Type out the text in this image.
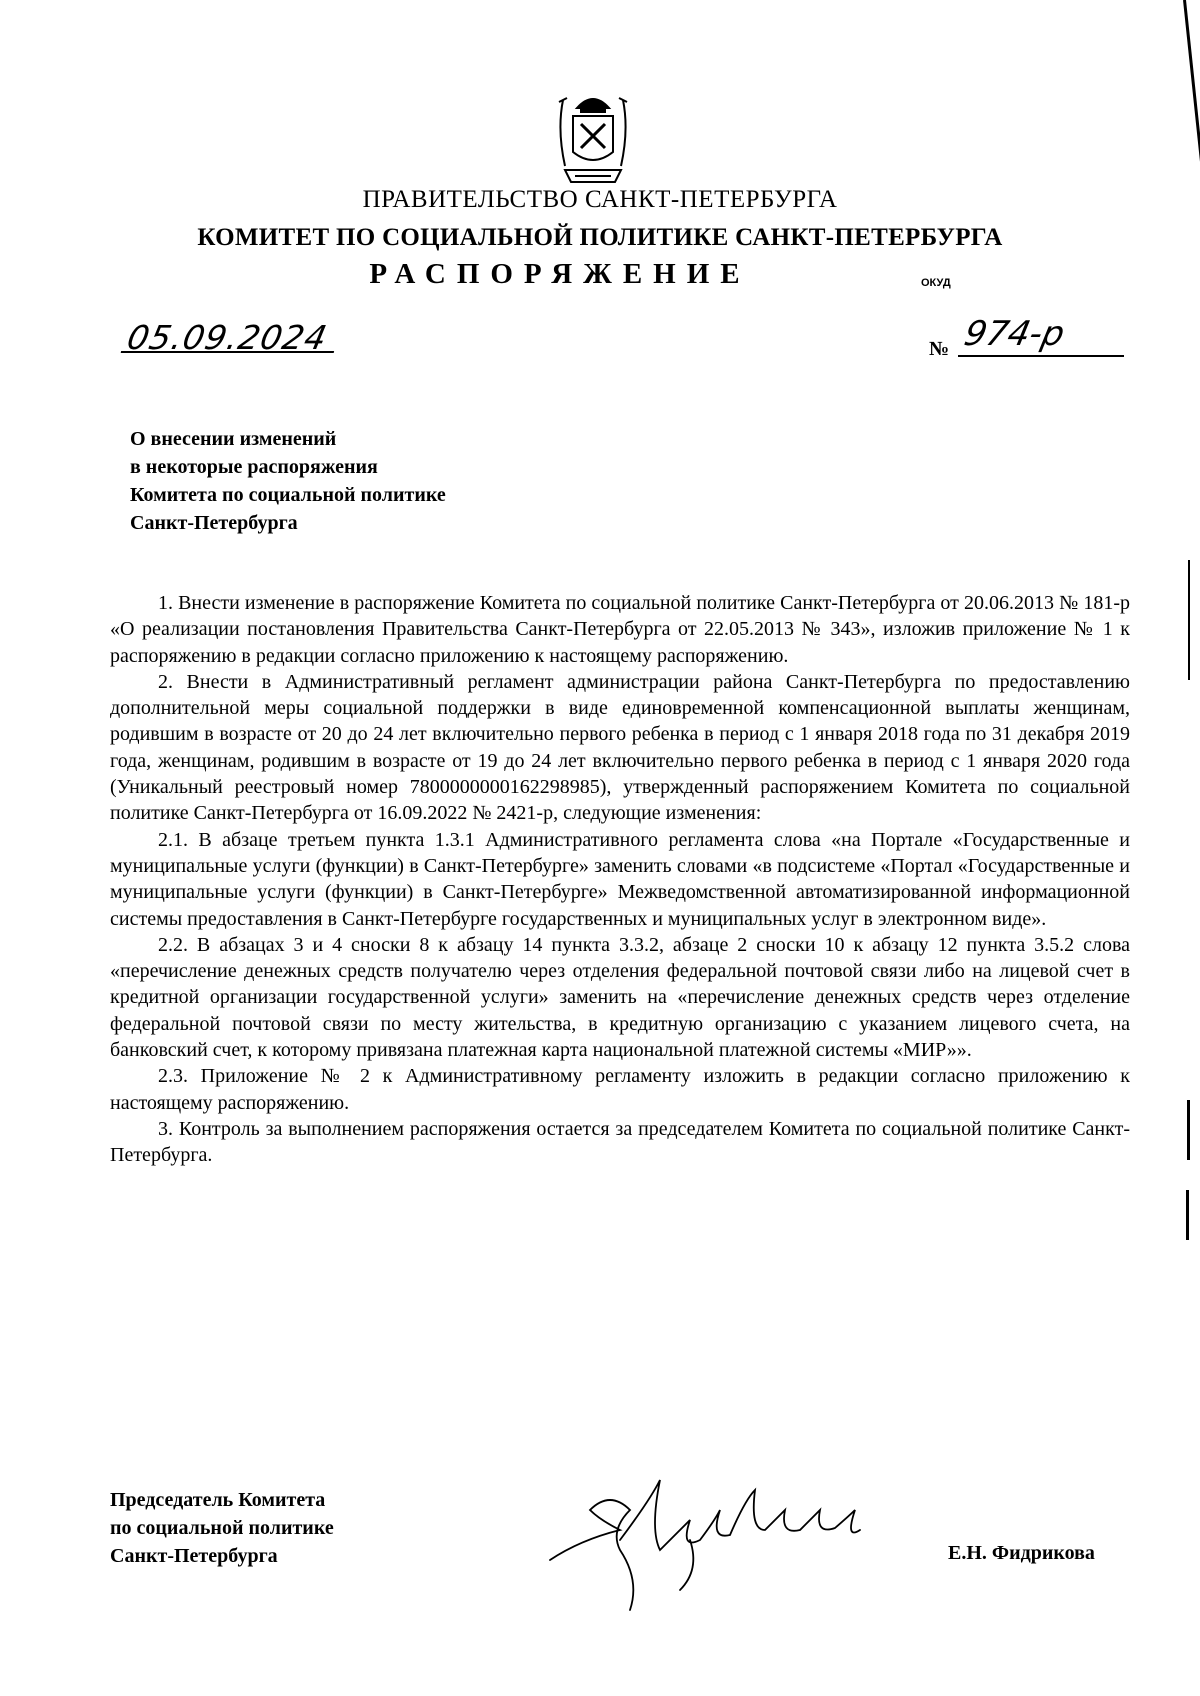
ПРАВИТЕЛЬСТВО САНКТ-ПЕТЕРБУРГА
КОМИТЕТ ПО СОЦИАЛЬНОЙ ПОЛИТИКЕ САНКТ-ПЕТЕРБУРГА
РАСПОРЯЖЕНИЕ	ОКУД
05.09.2024	№ 974-р
О внесении изменений
в некоторые распоряжения
Комитета по социальной политике
Санкт-Петербурга

1. Внести изменение в распоряжение Комитета по социальной политике Санкт-Петербурга от 20.06.2013 № 181-р «О реализации постановления Правительства Санкт-Петербурга от 22.05.2013 № 343», изложив приложение № 1 к распоряжению в редакции согласно приложению к настоящему распоряжению.

2. Внести в Административный регламент администрации района Санкт-Петербурга по предоставлению дополнительной меры социальной поддержки в виде единовременной компенсационной выплаты женщинам, родившим в возрасте от 20 до 24 лет включительно первого ребенка в период с 1 января 2018 года по 31 декабря 2019 года, женщинам, родившим в возрасте от 19 до 24 лет включительно первого ребенка в период с 1 января 2020 года (Уникальный реестровый номер 7800000000162298985), утвержденный распоряжением Комитета по социальной политике Санкт-Петербурга от 16.09.2022 № 2421-р, следующие изменения:

2.1. В абзаце третьем пункта 1.3.1 Административного регламента слова «на Портале «Государственные и муниципальные услуги (функции) в Санкт-Петербурге» заменить словами «в подсистеме «Портал «Государственные и муниципальные услуги (функции) в Санкт-Петербурге» Межведомственной автоматизированной информационной системы предоставления в Санкт-Петербурге государственных и муниципальных услуг в электронном виде».

2.2. В абзацах 3 и 4 сноски 8 к абзацу 14 пункта 3.3.2, абзаце 2 сноски 10 к абзацу 12 пункта 3.5.2 слова «перечисление денежных средств получателю через отделения федеральной почтовой связи либо на лицевой счет в кредитной организации государственной услуги» заменить на «перечисление денежных средств через отделение федеральной почтовой связи по месту жительства, в кредитную организацию с указанием лицевого счета, на банковский счет, к которому привязана платежная карта национальной платежной системы «МИР»».

2.3. Приложение № 2 к Административному регламенту изложить в редакции согласно приложению к настоящему распоряжению.

3. Контроль за выполнением распоряжения остается за председателем Комитета по социальной политике Санкт-Петербурга.

Председатель Комитета
по социальной политике
Санкт-Петербурга	Е.Н. Фидрикова
